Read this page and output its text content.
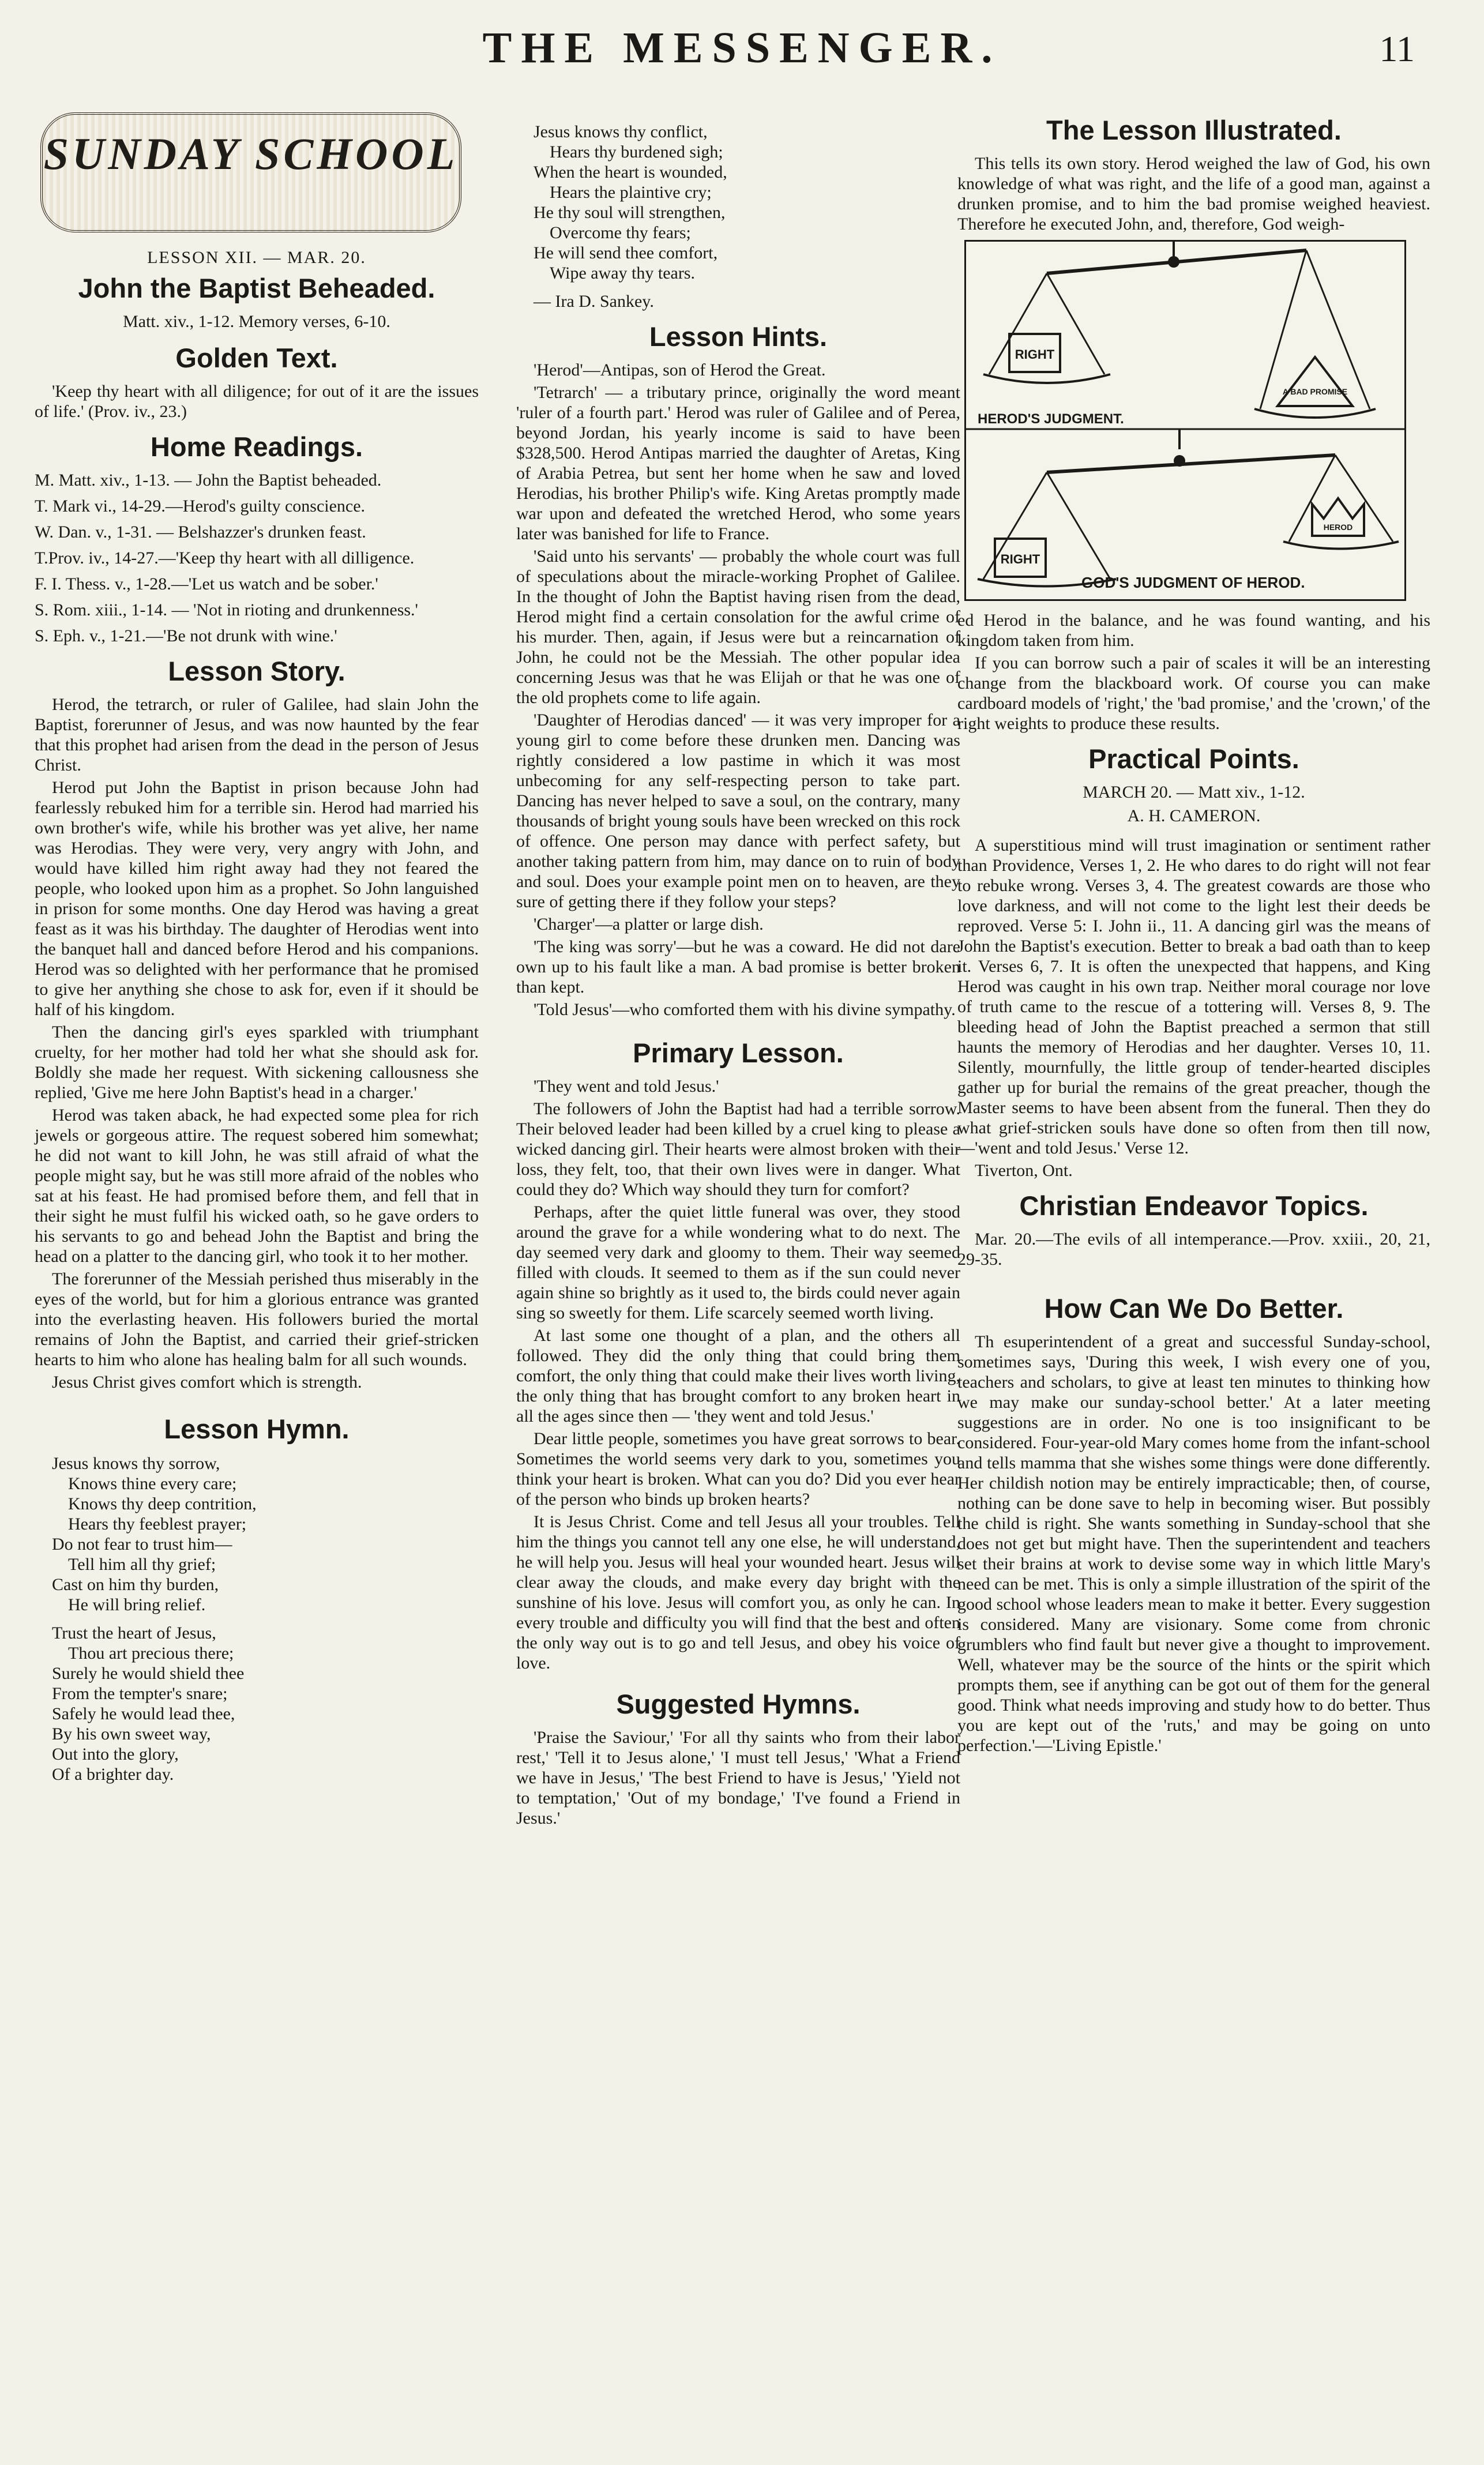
THE MESSENGER.	11
SUNDAY SCHOOL
LESSON XII. — MAR. 20.
John the Baptist Beheaded.
Matt. xiv., 1-12. Memory verses, 6-10.
Golden Text.

'Keep thy heart with all diligence; for out of it are the issues of life.' (Prov. iv., 23.)

Home Readings.

M. Matt. xiv., 1-13. — John the Baptist beheaded.

T. Mark vi., 14-29.—Herod's guilty conscience.

W. Dan. v., 1-31. — Belshazzer's drunken feast.

T.Prov. iv., 14-27.—'Keep thy heart with all dilligence.

F. I. Thess. v., 1-28.—'Let us watch and be sober.'

S. Rom. xiii., 1-14. — 'Not in rioting and drunkenness.'

S. Eph. v., 1-21.—'Be not drunk with wine.'

Lesson Story.

Herod, the tetrarch, or ruler of Galilee, had slain John the Baptist, forerunner of Jesus, and was now haunted by the fear that this prophet had arisen from the dead in the person of Jesus Christ.

Herod put John the Baptist in prison because John had fearlessly rebuked him for a terrible sin. Herod had married his own brother's wife, while his brother was yet alive, her name was Herodias. They were very, very angry with John, and would have killed him right away had they not feared the people, who looked upon him as a prophet. So John languished in prison for some months. One day Herod was having a great feast as it was his birthday. The daughter of Herodias went into the banquet hall and danced before Herod and his companions. Herod was so delighted with her performance that he promised to give her anything she chose to ask for, even if it should be half of his kingdom.

Then the dancing girl's eyes sparkled with triumphant cruelty, for her mother had told her what she should ask for. Boldly she made her request. With sickening callousness she replied, 'Give me here John Baptist's head in a charger.'

Herod was taken aback, he had expected some plea for rich jewels or gorgeous attire. The request sobered him somewhat; he did not want to kill John, he was still afraid of what the people might say, but he was still more afraid of the nobles who sat at his feast. He had promised before them, and fell that in their sight he must fulfil his wicked oath, so he gave orders to his servants to go and behead John the Baptist and bring the head on a platter to the dancing girl, who took it to her mother.

The forerunner of the Messiah perished thus miserably in the eyes of the world, but for him a glorious entrance was granted into the everlasting heaven. His followers buried the mortal remains of John the Baptist, and carried their grief-stricken hearts to him who alone has healing balm for all such wounds.

Jesus Christ gives comfort which is strength.

Lesson Hymn.
Jesus knows thy sorrow,
Knows thine every care;
Knows thy deep contrition,
Hears thy feeblest prayer;
Do not fear to trust him—
Tell him all thy grief;
Cast on him thy burden,
He will bring relief.
Trust the heart of Jesus,
Thou art precious there;
Surely he would shield thee
From the tempter's snare;
Safely he would lead thee,
By his own sweet way,
Out into the glory,
Of a brighter day.
Jesus knows thy conflict,
Hears thy burdened sigh;
When the heart is wounded,
Hears the plaintive cry;
He thy soul will strengthen,
Overcome thy fears;
He will send thee comfort,
Wipe away thy tears.
— Ira D. Sankey.
Lesson Hints.

'Herod'—Antipas, son of Herod the Great.

'Tetrarch' — a tributary prince, originally the word meant 'ruler of a fourth part.' Herod was ruler of Galilee and of Perea, beyond Jordan, his yearly income is said to have been $328,500. Herod Antipas married the daughter of Aretas, King of Arabia Petrea, but sent her home when he saw and loved Herodias, his brother Philip's wife. King Aretas promptly made war upon and defeated the wretched Herod, who some years later was banished for life to France.

'Said unto his servants' — probably the whole court was full of speculations about the miracle-working Prophet of Galilee. In the thought of John the Baptist having risen from the dead, Herod might find a certain consolation for the awful crime of his murder. Then, again, if Jesus were but a reincarnation of John, he could not be the Messiah. The other popular idea concerning Jesus was that he was Elijah or that he was one of the old prophets come to life again.

'Daughter of Herodias danced' — it was very improper for a young girl to come before these drunken men. Dancing was rightly considered a low pastime in which it was most unbecoming for any self-respecting person to take part. Dancing has never helped to save a soul, on the contrary, many thousands of bright young souls have been wrecked on this rock of offence. One person may dance with perfect safety, but another taking pattern from him, may dance on to ruin of body and soul. Does your example point men on to heaven, are they sure of getting there if they follow your steps?

'Charger'—a platter or large dish.

'The king was sorry'—but he was a coward. He did not dare own up to his fault like a man. A bad promise is better broken than kept.

'Told Jesus'—who comforted them with his divine sympathy.

Primary Lesson.

'They went and told Jesus.'

The followers of John the Baptist had had a terrible sorrow. Their beloved leader had been killed by a cruel king to please a wicked dancing girl. Their hearts were almost broken with their loss, they felt, too, that their own lives were in danger. What could they do? Which way should they turn for comfort?

Perhaps, after the quiet little funeral was over, they stood around the grave for a while wondering what to do next. The day seemed very dark and gloomy to them. Their way seemed filled with clouds. It seemed to them as if the sun could never again shine so brightly as it used to, the birds could never again sing so sweetly for them. Life scarcely seemed worth living.

At last some one thought of a plan, and the others all followed. They did the only thing that could bring them comfort, the only thing that could make their lives worth living, the only thing that has brought comfort to any broken heart in all the ages since then — 'they went and told Jesus.'

Dear little people, sometimes you have great sorrows to bear. Sometimes the world seems very dark to you, sometimes you think your heart is broken. What can you do? Did you ever hear of the person who binds up broken hearts?

It is Jesus Christ. Come and tell Jesus all your troubles. Tell him the things you cannot tell any one else, he will understand, he will help you. Jesus will heal your wounded heart. Jesus will clear away the clouds, and make every day bright with the sunshine of his love. Jesus will comfort you, as only he can. In every trouble and difficulty you will find that the best and often the only way out is to go and tell Jesus, and obey his voice of love.

Suggested Hymns.

'Praise the Saviour,' 'For all thy saints who from their labor rest,' 'Tell it to Jesus alone,' 'I must tell Jesus,' 'What a Friend we have in Jesus,' 'The best Friend to have is Jesus,' 'Yield not to temptation,' 'Out of my bondage,' 'I've found a Friend in Jesus.'

The Lesson Illustrated.

This tells its own story. Herod weighed the law of God, his own knowledge of what was right, and the life of a good man, against a drunken promise, and to him the bad promise weighed heaviest. Therefore he executed John, and, therefore, God weigh-

RIGHT
A BAD PROMISE
HEROD'S JUDGMENT.
RIGHT
HEROD
GOD'S JUDGMENT OF HEROD.

ed Herod in the balance, and he was found wanting, and his kingdom taken from him.

If you can borrow such a pair of scales it will be an interesting change from the blackboard work. Of course you can make cardboard models of 'right,' the 'bad promise,' and the 'crown,' of the right weights to produce these results.

Practical Points.
MARCH 20. — Matt xiv., 1-12.
A. H. CAMERON.

A superstitious mind will trust imagination or sentiment rather than Providence, Verses 1, 2. He who dares to do right will not fear to rebuke wrong. Verses 3, 4. The greatest cowards are those who love darkness, and will not come to the light lest their deeds be reproved. Verse 5: I. John ii., 11. A dancing girl was the means of John the Baptist's execution. Better to break a bad oath than to keep it. Verses 6, 7. It is often the unexpected that happens, and King Herod was caught in his own trap. Neither moral courage nor love of truth came to the rescue of a tottering will. Verses 8, 9. The bleeding head of John the Baptist preached a sermon that still haunts the memory of Herodias and her daughter. Verses 10, 11. Silently, mournfully, the little group of tender-hearted disciples gather up for burial the remains of the great preacher, though the Master seems to have been absent from the funeral. Then they do what grief-stricken souls have done so often from then till now,—'went and told Jesus.' Verse 12.

Tiverton, Ont.

Christian Endeavor Topics.

Mar. 20.—The evils of all intemperance.—Prov. xxiii., 20, 21, 29-35.

How Can We Do Better.

Th esuperintendent of a great and successful Sunday-school, sometimes says, 'During this week, I wish every one of you, teachers and scholars, to give at least ten minutes to thinking how we may make our sunday-school better.' At a later meeting suggestions are in order. No one is too insignificant to be considered. Four-year-old Mary comes home from the infant-school and tells mamma that she wishes some things were done differently. Her childish notion may be entirely impracticable; then, of course, nothing can be done save to help in becoming wiser. But possibly the child is right. She wants something in Sunday-school that she does not get but might have. Then the superintendent and teachers set their brains at work to devise some way in which little Mary's need can be met. This is only a simple illustration of the spirit of the good school whose leaders mean to make it better. Every suggestion is considered. Many are visionary. Some come from chronic grumblers who find fault but never give a thought to improvement. Well, whatever may be the source of the hints or the spirit which prompts them, see if anything can be got out of them for the general good. Think what needs improving and study how to do better. Thus you are kept out of the 'ruts,' and may be going on unto perfection.'—'Living Epistle.'
